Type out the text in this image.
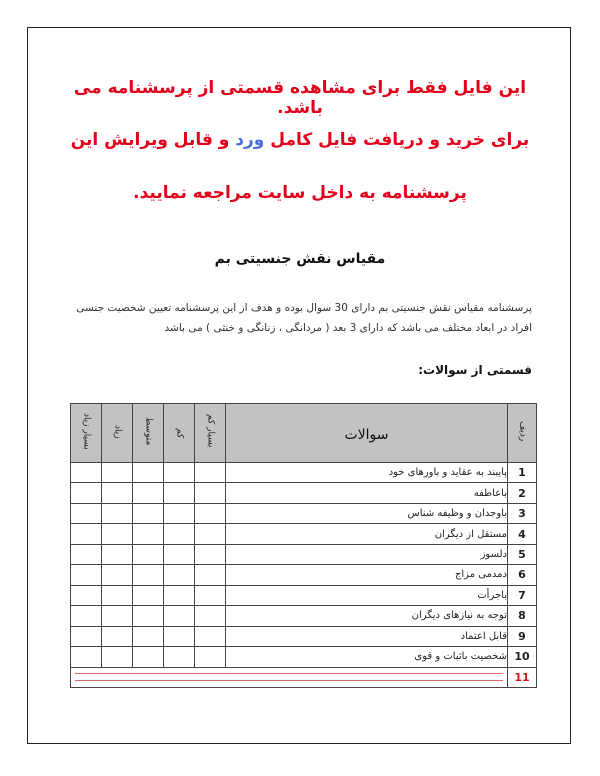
این فایل فقط برای مشاهده قسمتی از پرسشنامه می باشد.
برای خرید و دریافت فایل کامل ورد و قابل ویرایش این
پرسشنامه به داخل سایت مراجعه نمایید.
مقیاس نقش جنسیتی بم
پرسشنامه مقیاس نقش جنسیتی بم دارای 30 سوال بوده و هدف از این پرسشنامه تعیین شخصیت جنسی افراد در ابعاد مختلف می باشد که دارای 3 بعد ( مردانگی ، زنانگی و خنثی ) می باشد
قسمتی از سوالات:
ردیف	سوالات	بسیار کم	کم	متوسط	زیاد	بسیار زیاد
1	پایبند به عقاید و باورهای خود					
2	باعاطفه					
3	باوجدان و وظیفه شناس					
4	مستقل از دیگران					
5	دلسوز					
6	دمدمی مزاج					
7	باجرأت					
8	توجه به نیازهای دیگران					
9	قابل اعتماد					
10	شخصیت باثبات و قوی					
11						
